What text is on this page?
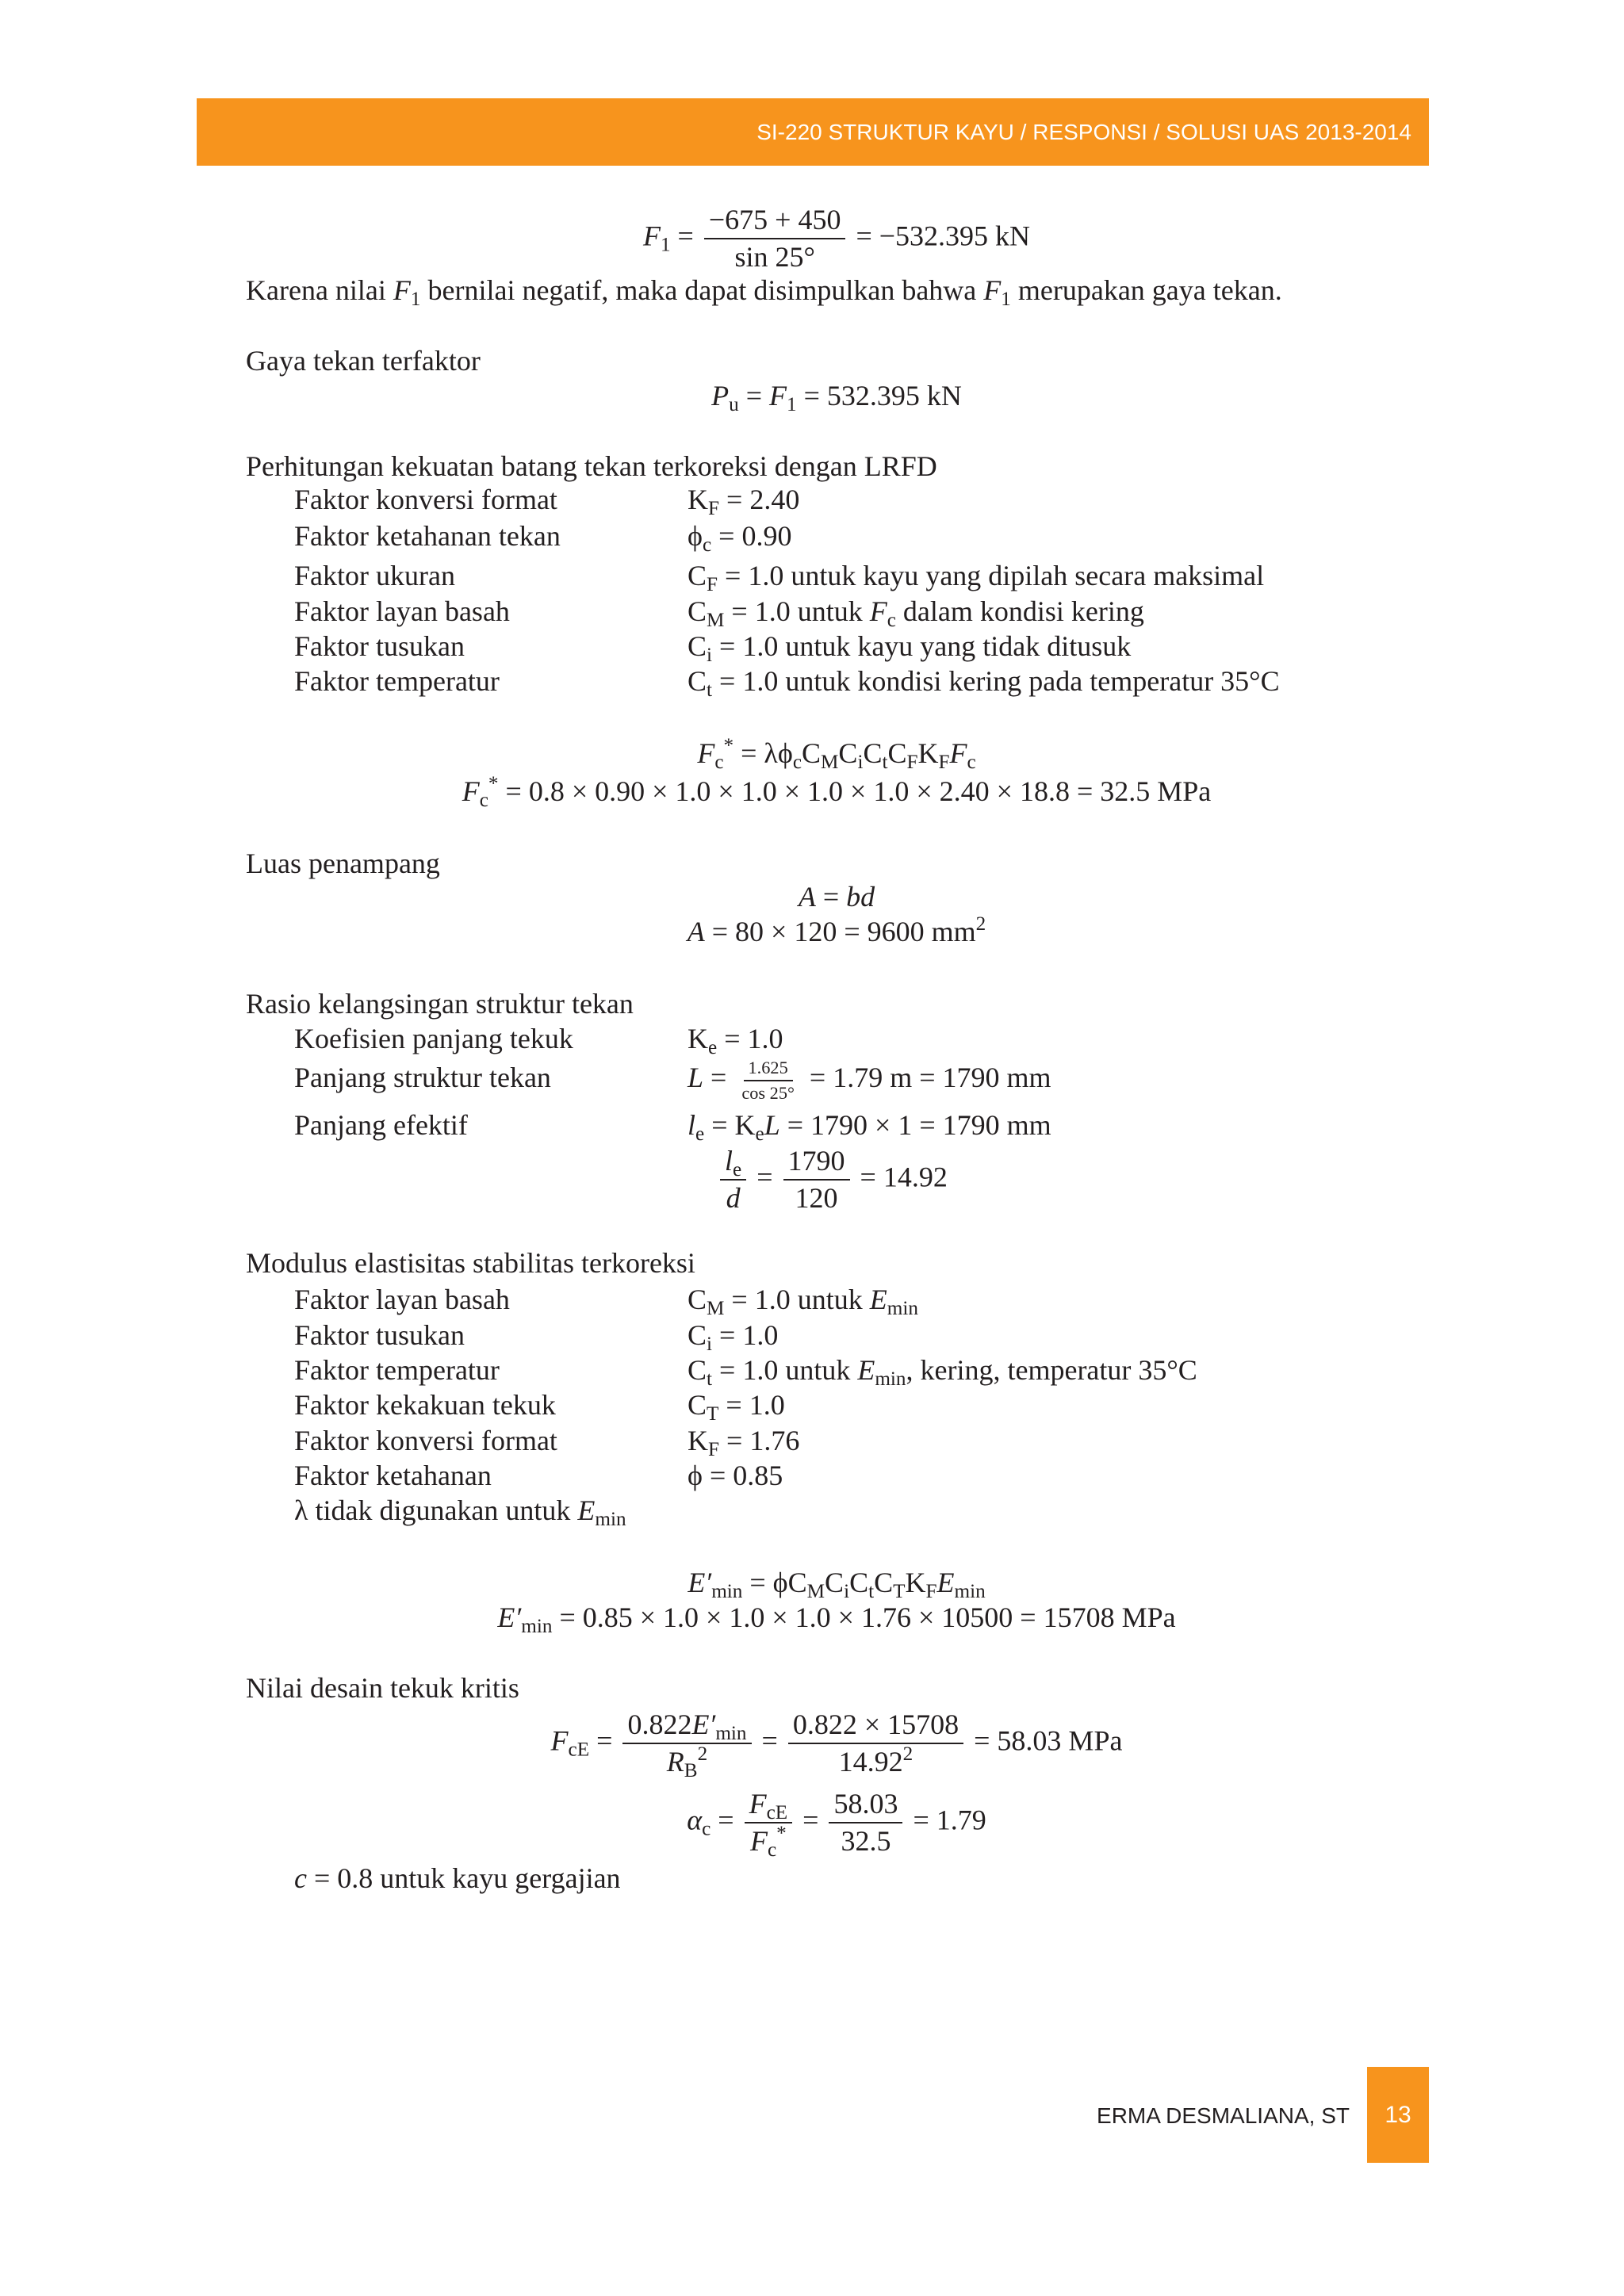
SI-220 STRUKTUR KAYU / RESPONSI / SOLUSI UAS 2013-2014
$F1 = \frac{-675 + 450}{\sin 25^\circ} = -532.395$ kN
Karena nilai F1 bernilai negatif, maka dapat disimpulkan bahwa F1 merupakan gaya tekan.
Gaya tekan terfaktor
Pu = F1 = 532.395 kN
Perhitungan kekuatan batang tekan terkoreksi dengan LRFD
Faktor konversi format	KF = 2.40
Faktor ketahanan tekan	ϕc = 0.90
Faktor ukuran	CF = 1.0 untuk kayu yang dipilah secara maksimal
Faktor layan basah	CM = 1.0 untuk Fc dalam kondisi kering
Faktor tusukan	Ci = 1.0 untuk kayu yang tidak ditusuk
Faktor temperatur	Ct = 1.0 untuk kondisi kering pada temperatur 35°C
Fc* = λϕcCMCiCtCFKFFc
Fc* = 0.8 × 0.90 × 1.0 × 1.0 × 1.0 × 1.0 × 2.40 × 18.8 = 32.5 MPa
Luas penampang
A = bd
A = 80 × 120 = 9600 $mm^2$
Rasio kelangsingan struktur tekan
Koefisien panjang tekuk	Ke = 1.0
Panjang struktur tekan	$L = \frac{1.625}{\cos 25^\circ} = 1.79$ m = 1790 mm
Panjang efektif	le = KeL = 1790 × 1 = 1790 mm
$\frac{le}{d} = \frac{1790}{120} = 14.92$
Modulus elastisitas stabilitas terkoreksi
Faktor layan basah	CM = 1.0 untuk Emin
Faktor tusukan	Ci = 1.0
Faktor temperatur	Ct = 1.0 untuk Emin, kering, temperatur 35°C
Faktor kekakuan tekuk	CT = 1.0
Faktor konversi format	KF = 1.76
Faktor ketahanan	ϕ = 0.85
λ tidak digunakan untuk Emin
E′min = ϕCMCiCtCTKFEmin
E′min = 0.85 × 1.0 × 1.0 × 1.0 × 1.76 × 10500 = 15708 MPa
Nilai desain tekuk kritis
FcE = $\frac{0.822E'\min}{RB^2} = \frac{0.822 \times 15708}{14.92^2} = 58.03$ MPa
$\alpha c = \frac{\text{FcE}}{Fc^*} = \frac{58.03}{32.5} = 1.79$
c = 0.8 untuk kayu gergajian
ERMA DESMALIANA, ST 13
